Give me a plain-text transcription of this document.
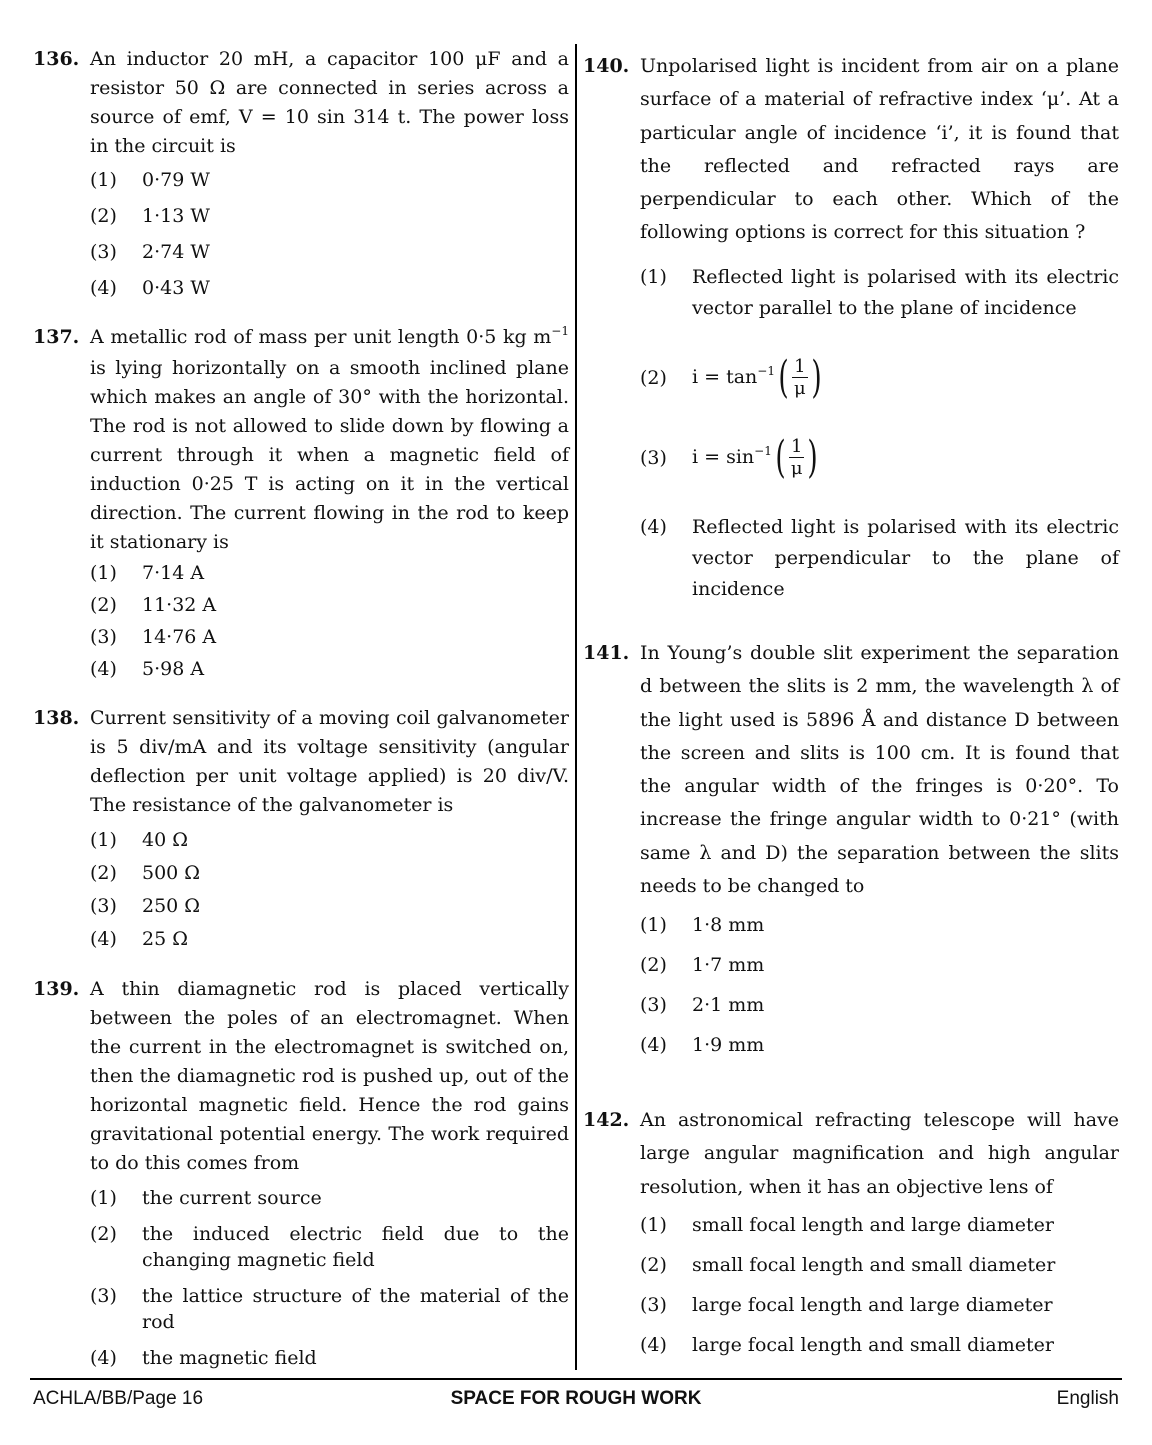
136. An inductor 20 mH, a capacitor 100 μF and a resistor 50 Ω are connected in series across a source of emf, V = 10 sin 314 t. The power loss in the circuit is
(1)	0·79 W
(2)	1·13 W
(3)	2·74 W
(4)	0·43 W
137. A metallic rod of mass per unit length 0·5 kg $m^{-1}$ is lying horizontally on a smooth inclined plane which makes an angle of 30° with the horizontal. The rod is not allowed to slide down by flowing a current through it when a magnetic field of induction 0·25 T is acting on it in the vertical direction. The current flowing in the rod to keep it stationary is
(1)	7·14 A
(2)	11·32 A
(3)	14·76 A
(4)	5·98 A
138. Current sensitivity of a moving coil galvanometer is 5 div/mA and its voltage sensitivity (angular deflection per unit voltage applied) is 20 div/V. The resistance of the galvanometer is
(1)	40 Ω
(2)	500 Ω
(3)	250 Ω
(4)	25 Ω
139. A thin diamagnetic rod is placed vertically between the poles of an electromagnet. When the current in the electromagnet is switched on, then the diamagnetic rod is pushed up, out of the horizontal magnetic field. Hence the rod gains gravitational potential energy. The work required to do this comes from
(1)	the current source
(2)	the induced electric field due to the changing magnetic field
(3)	the lattice structure of the material of the rod
(4)	the magnetic field
140. Unpolarised light is incident from air on a plane surface of a material of refractive index ‘μ’. At a particular angle of incidence ‘i’, it is found that the reflected and refracted rays are perpendicular to each other. Which of the following options is correct for this situation ?
(1)	Reflected light is polarised with its electric vector parallel to the plane of incidence
(2)	$i = \tan^{-1}$ ( $\frac{1}{\mu}$ )
(3)	$i = \sin^{-1}$ ( $\frac{1}{\mu}$ )
(4)	Reflected light is polarised with its electric vector perpendicular to the plane of incidence
141. In Young’s double slit experiment the separation d between the slits is 2 mm, the wavelength λ of the light used is 5896 Å and distance D between the screen and slits is 100 cm. It is found that the angular width of the fringes is 0·20°. To increase the fringe angular width to 0·21° (with same λ and D) the separation between the slits needs to be changed to
(1)	1·8 mm
(2)	1·7 mm
(3)	2·1 mm
(4)	1·9 mm
142. An astronomical refracting telescope will have large angular magnification and high angular resolution, when it has an objective lens of
(1)	small focal length and large diameter
(2)	small focal length and small diameter
(3)	large focal length and large diameter
(4)	large focal length and small diameter
ACHLA/BB/Page 16	SPACE FOR ROUGH WORK	English
